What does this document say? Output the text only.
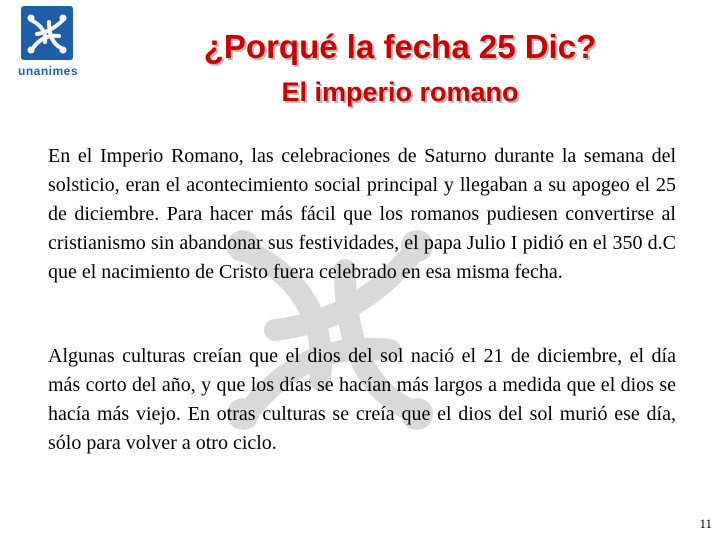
unanimes
¿Porqué la fecha 25 Dic?
El imperio romano

En el Imperio Romano, las celebraciones de Saturno durante la semana del solsticio, eran el acontecimiento social principal y llegaban a su apogeo el 25 de diciembre. Para hacer más fácil que los romanos pudiesen convertirse al cristianismo sin abandonar sus festividades, el papa Julio I pidió en el 350 d.C que el nacimiento de Cristo fuera celebrado en esa misma fecha.

Algunas culturas creían que el dios del sol nació el 21 de diciembre, el día más corto del año, y que los días se hacían más largos a medida que el dios se hacía más viejo. En otras culturas se creía que el dios del sol murió ese día, sólo para volver a otro ciclo.

11
